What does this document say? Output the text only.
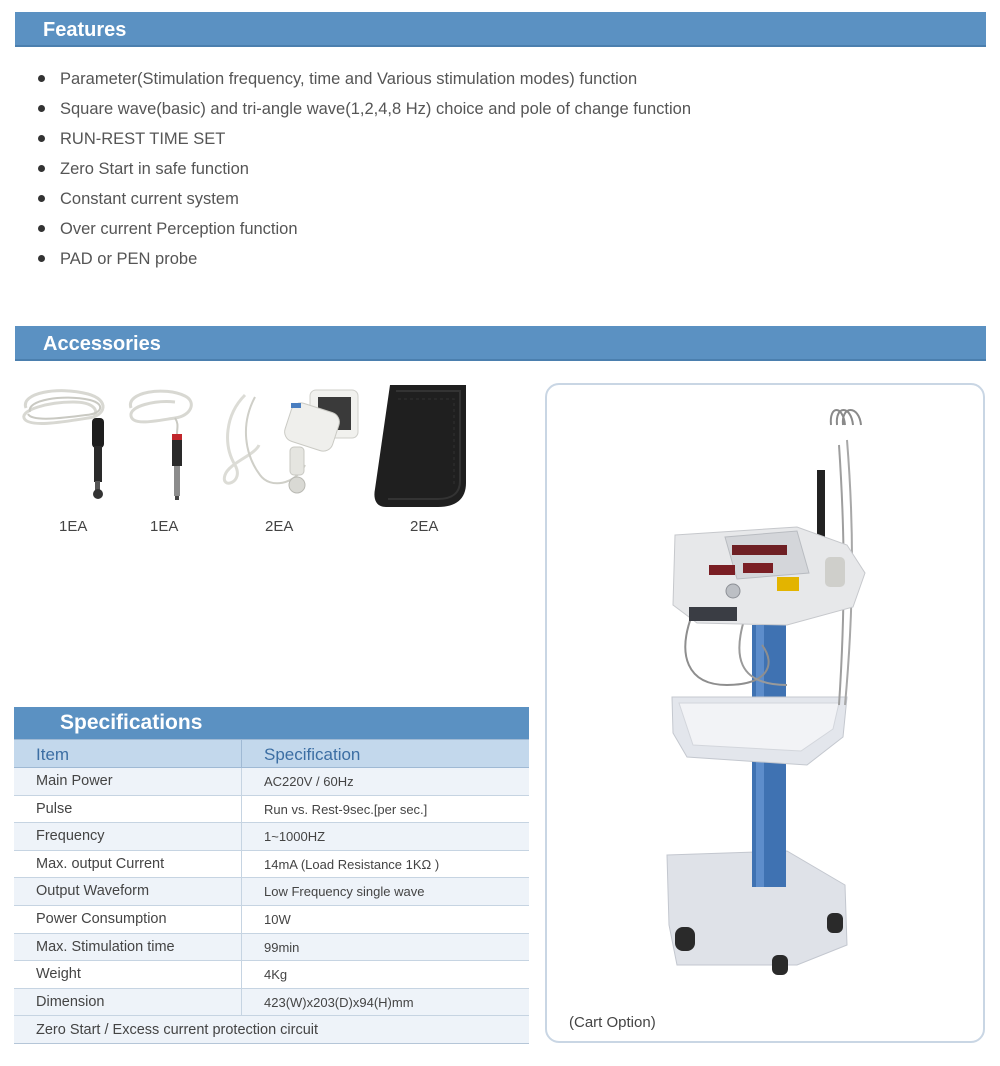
Features
Parameter(Stimulation frequency, time and Various stimulation modes) function
Square wave(basic) and tri-angle wave(1,2,4,8 Hz) choice and pole of change function
RUN-REST TIME SET
Zero Start in safe function
Constant current system
Over current Perception function
PAD or PEN probe
Accessories
1EA	1EA	2EA	2EA
(Cart Option)
Specifications
Item	Specification
Main Power	AC220V / 60Hz
Pulse	Run vs. Rest-9sec.[per sec.]
Frequency	1~1000HZ
Max. output Current	14mA (Load Resistance 1KΩ )
Output Waveform	Low Frequency single wave
Power Consumption	10W
Max. Stimulation time	99min
Weight	4Kg
Dimension	423(W)x203(D)x94(H)mm
Zero Start / Excess current protection circuit
